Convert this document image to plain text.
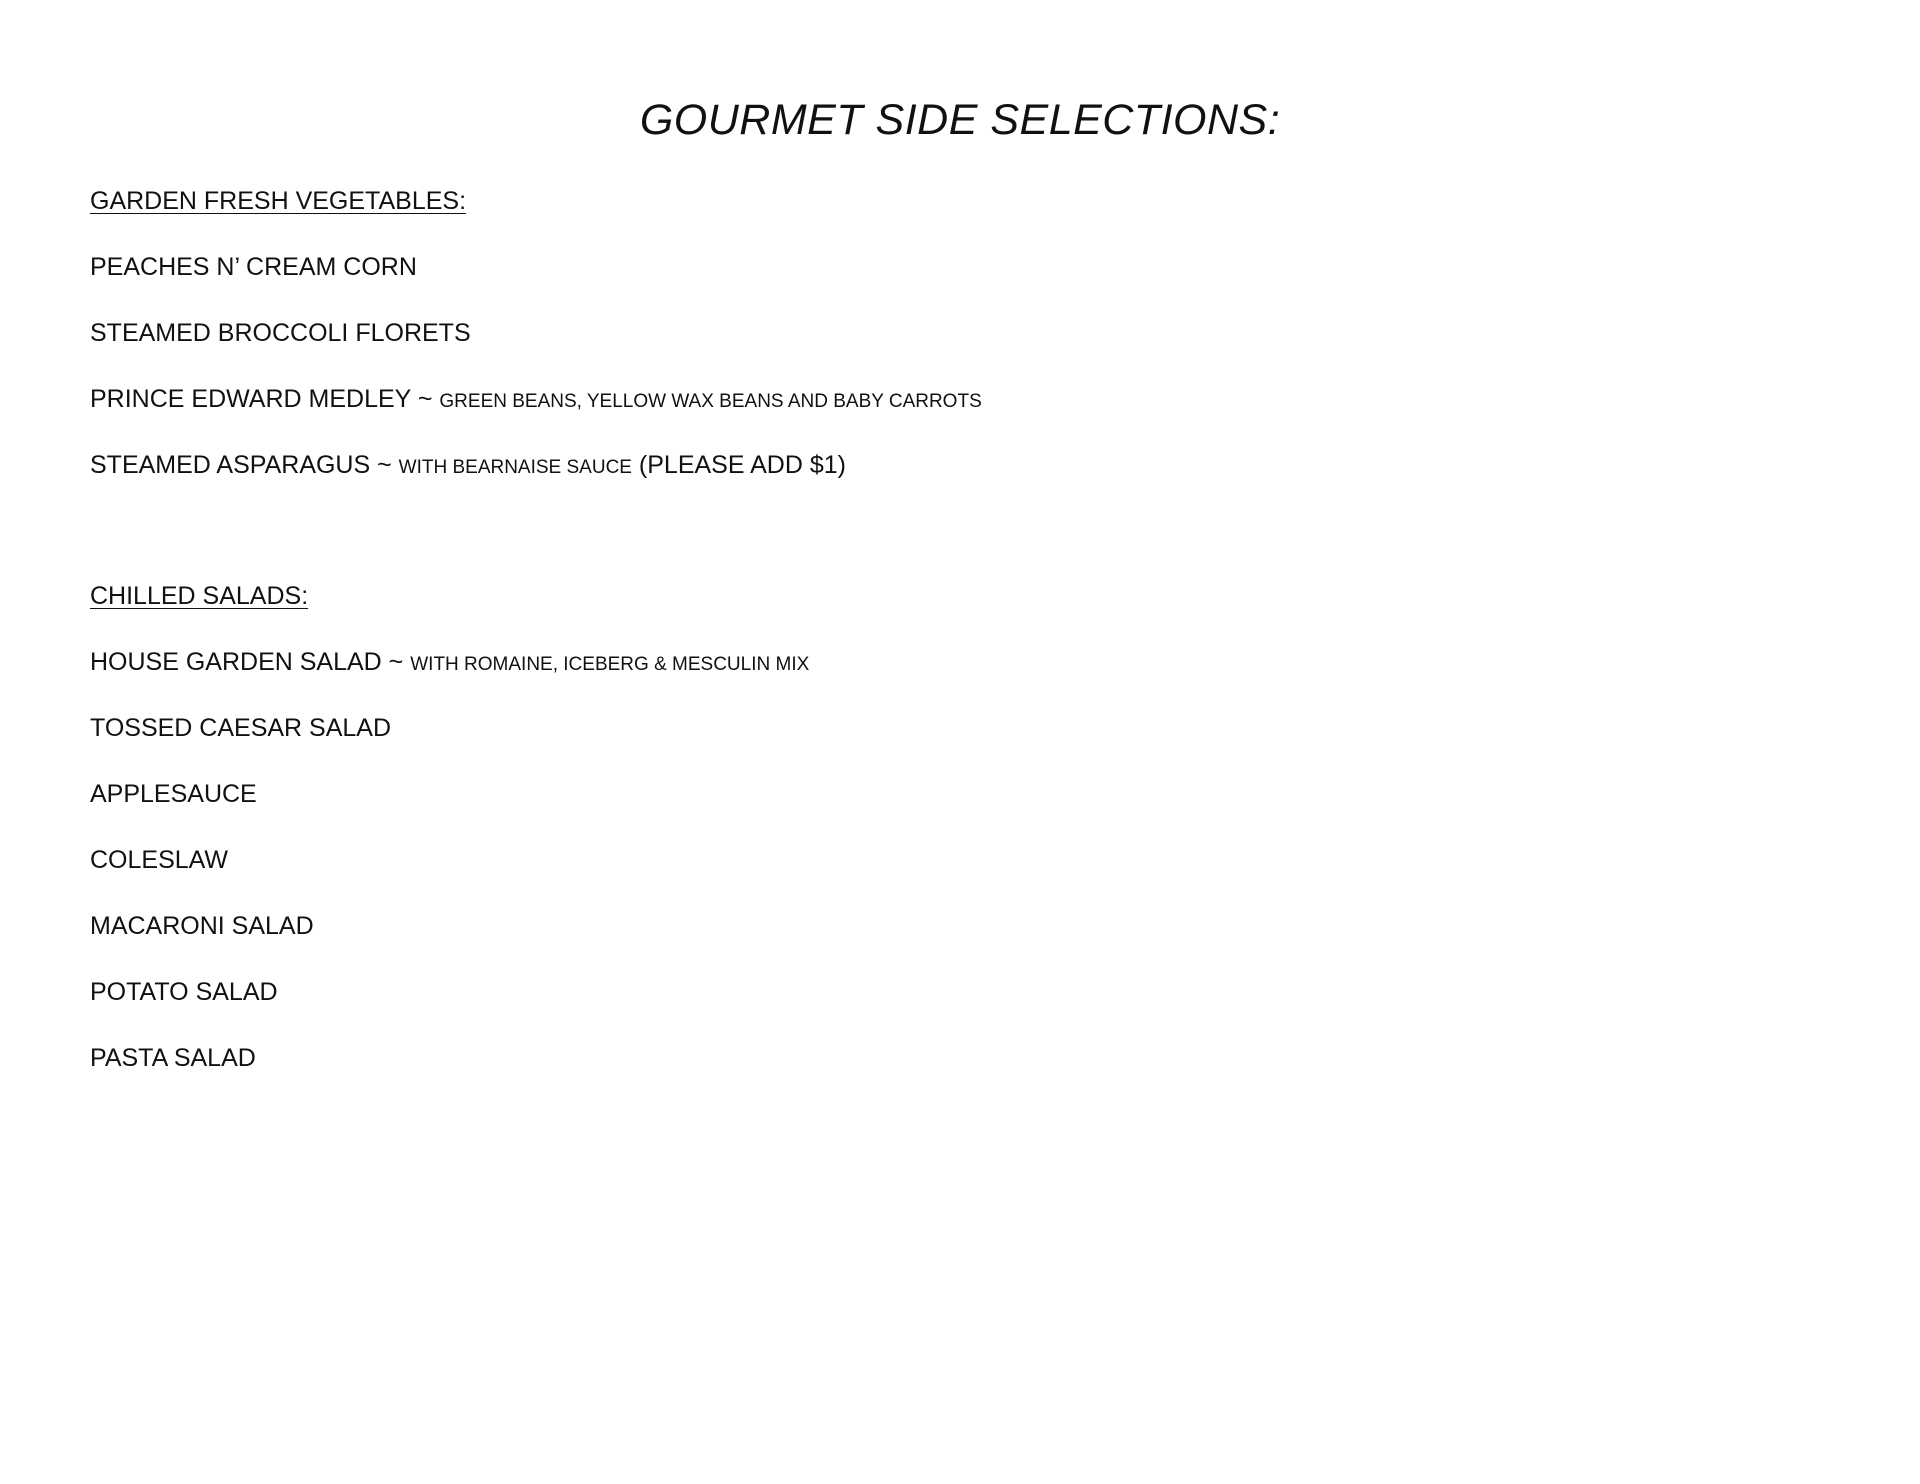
GOURMET SIDE SELECTIONS:
GARDEN FRESH VEGETABLES:
PEACHES N’ CREAM CORN
STEAMED BROCCOLI FLORETS
PRINCE EDWARD MEDLEY ~ GREEN BEANS, YELLOW WAX BEANS AND BABY CARROTS
STEAMED ASPARAGUS ~ WITH BEARNAISE SAUCE (PLEASE ADD $1)
CHILLED SALADS:
HOUSE GARDEN SALAD ~ WITH ROMAINE, ICEBERG & MESCULIN MIX
TOSSED CAESAR SALAD
APPLESAUCE
COLESLAW
MACARONI SALAD
POTATO SALAD
PASTA SALAD
